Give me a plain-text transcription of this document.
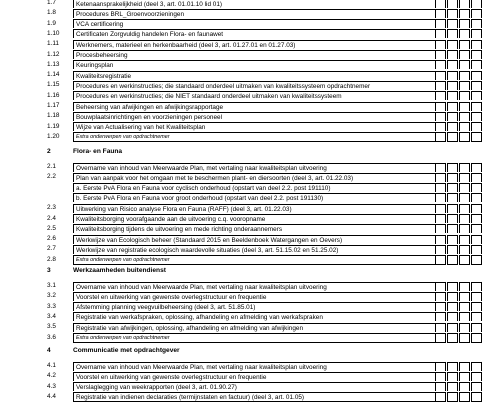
1.7	Ketenaansprakelijkheid (deel 3, art. 01.01.10 lid 01)
1.8	Procedures BRL_Groenvoorzieningen
1.9	VCA certificering
1.10	Certificaten Zorgvuldig handelen Flora- en faunawet
1.11	Werknemers, materieel en herkenbaarheid (deel 3, art. 01.27.01 en 01.27.03)
1.12	Procesbeheersing
1.13	Keuringsplan
1.14	Kwaliteitsregistratie
1.15	Procedures en werkinstructies; die standaard onderdeel uitmaken van kwaliteitssysteem opdrachtnemer
1.16	Procedures en werkinstructies; die NIET standaard onderdeel uitmaken van kwaliteitssysteem
1.17	Beheersing van afwijkingen en afwijkingsrapportage
1.18	Bouwplaatsinrichtingen en voorzieningen personeel
1.19	Wijze van Actualisering van het Kwaliteitsplan
1.20	Extra onderwerpen van opdrachtnemer
2	Flora- en Fauna
2.1	Overname van inhoud van Meerwaarde Plan, met vertaling naar kwaliteitsplan uitvoering
2.2	Plan van aanpak voor het omgaan met te beschermen plant- en diersoorten (deel 3, art. 01.22.03)
a. Eerste PvA Flora en Fauna voor cyclisch onderhoud (opstart van deel 2.2. post 191110)
b. Eerste PvA Flora en Fauna voor groot onderhoud (opstart van deel 2.2. post 191130)
2.3	Uitwerking van Risico analyse Flora en Fauna (RAFF) (deel 3, art. 01.22.03)
2.4	Kwaliteitsborging voorafgaande aan de uitvoering c.q. vooropname
2.5	Kwaliteitsborging tijdens de uitvoering en mede richting onderaannemers
2.6	Werkwijze van Ecologisch beheer (Standaard 2015 en Beeldenboek Watergangen en Oevers)
2.7	Werkwijze van registratie ecologisch waardevolle situaties (deel 3, art. 51.15.02 en 51.25.02)
2.8	Extra onderwerpen van opdrachtnemer
3	Werkzaamheden buitendienst
3.1	Overname van inhoud van Meerwaarde Plan, met vertaling naar kwaliteitsplan uitvoering
3.2	Voorstel en uitwerking van gewenste overlegstructuur en frequentie
3.3	Afstemming planning veegvuilbeheersing (deel 3, art. 51.85.01)
3.4	Registratie van werkafspraken, oplossing, afhandeling en afmelding van werkafspraken
3.5	Registratie van afwijkingen, oplossing, afhandeling en afmelding van afwijkingen
3.6	Extra onderwerpen van opdrachtnemer
4	Communicatie met opdrachtgever
4.1	Overname van inhoud van Meerwaarde Plan, met vertaling naar kwaliteitsplan uitvoering
4.2	Voorstel en uitwerking van gewenste overlegstructuur en frequentie
4.3	Verslaglegging van weekrapporten (deel 3, art. 01.90.27)
4.4	Registratie van indienen declaraties (termijnstaten en factuur) (deel 3, art. 01.05)
